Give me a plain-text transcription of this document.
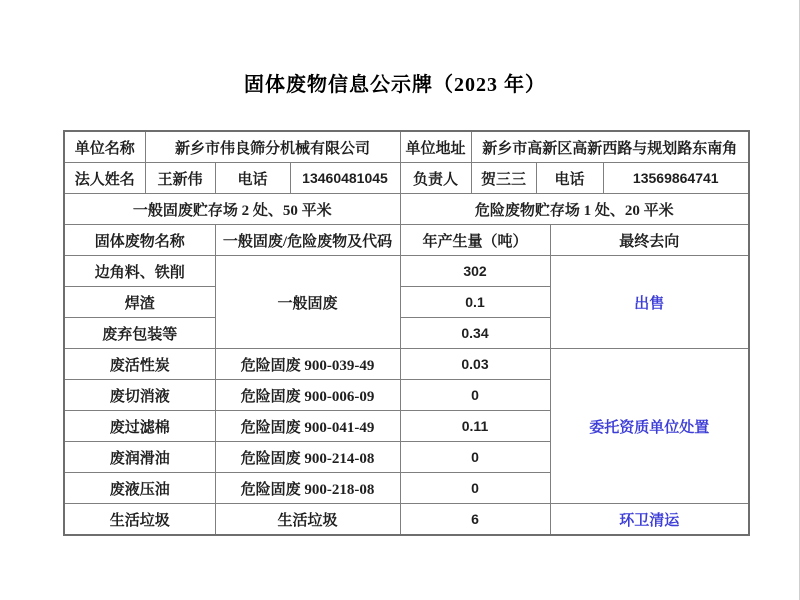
固体废物信息公示牌（2023 年）
单位名称	新乡市伟良筛分机械有限公司			单位地址	新乡市高新区高新西路与规划路东南角			
法人姓名	王新伟	电话	13460481045	负责人	贺三三	电话		13569864741
一般固废贮存场 2 处、50 平米				危险废物贮存场 1 处、20 平米				
固体废物名称		一般固废/危险废物及代码		年产生量（吨）			最终去向	
边角料、铁削		一般固废		302			出售	
焊渣				0.1				
废弃包装等				0.34				
废活性炭		危险固废 900-039-49		0.03			委托资质单位处置	
废切消液		危险固废 900-006-09		0				
废过滤棉		危险固废 900-041-49		0.11				
废润滑油		危险固废 900-214-08		0				
废液压油		危险固废 900-218-08		0				
生活垃圾		生活垃圾		6			环卫清运	
